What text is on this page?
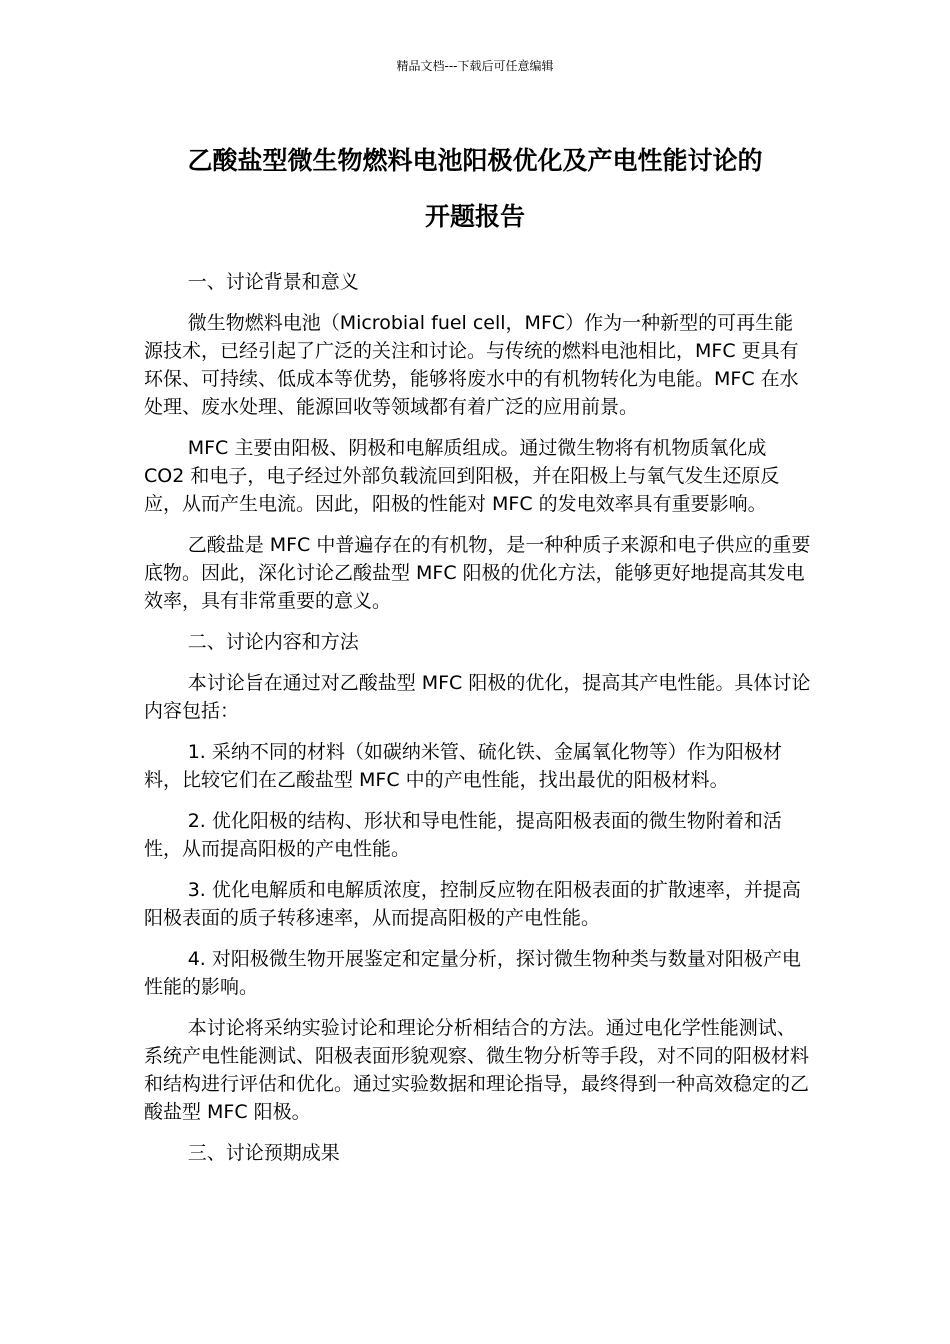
精品文档---下载后可任意编辑
乙酸盐型微生物燃料电池阳极优化及产电性能讨论的
开题报告

一、讨论背景和意义

微生物燃料电池（Microbial fuel cell，MFC）作为一种新型的可再生能源技术，已经引起了广泛的关注和讨论。与传统的燃料电池相比，MFC 更具有环保、可持续、低成本等优势，能够将废水中的有机物转化为电能。MFC 在水处理、废水处理、能源回收等领域都有着广泛的应用前景。

MFC 主要由阳极、阴极和电解质组成。通过微生物将有机物质氧化成 CO2 和电子，电子经过外部负载流回到阳极，并在阳极上与氧气发生还原反应，从而产生电流。因此，阳极的性能对 MFC 的发电效率具有重要影响。

乙酸盐是 MFC 中普遍存在的有机物，是一种种质子来源和电子供应的重要底物。因此，深化讨论乙酸盐型 MFC 阳极的优化方法，能够更好地提高其发电效率，具有非常重要的意义。

二、讨论内容和方法

本讨论旨在通过对乙酸盐型 MFC 阳极的优化，提高其产电性能。具体讨论内容包括：

1. 采纳不同的材料（如碳纳米管、硫化铁、金属氧化物等）作为阳极材料，比较它们在乙酸盐型 MFC 中的产电性能，找出最优的阳极材料。

2. 优化阳极的结构、形状和导电性能，提高阳极表面的微生物附着和活性，从而提高阳极的产电性能。

3. 优化电解质和电解质浓度，控制反应物在阳极表面的扩散速率，并提高阳极表面的质子转移速率，从而提高阳极的产电性能。

4. 对阳极微生物开展鉴定和定量分析，探讨微生物种类与数量对阳极产电性能的影响。

本讨论将采纳实验讨论和理论分析相结合的方法。通过电化学性能测试、系统产电性能测试、阳极表面形貌观察、微生物分析等手段，对不同的阳极材料和结构进行评估和优化。通过实验数据和理论指导，最终得到一种高效稳定的乙酸盐型 MFC 阳极。

三、讨论预期成果
